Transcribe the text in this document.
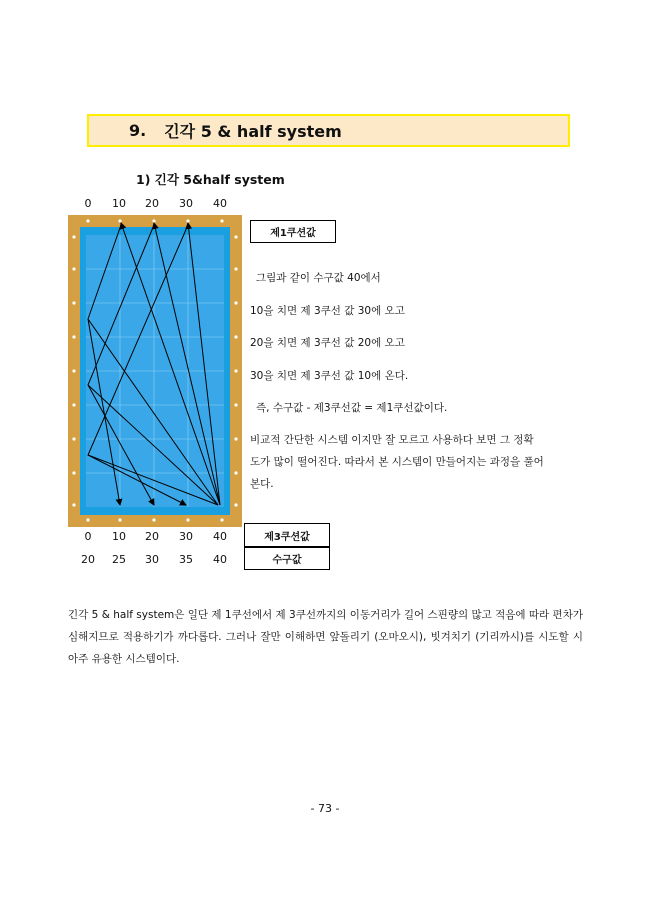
9. 긴각 5 & half system
1) 긴각 5&half system
0	10	20	30	40
제1쿠션값
그림과 같이 수구값 40에서
10을 치면 제 3쿠선 값 30에 오고
20을 치면 제 3쿠선 값 20에 오고
30을 치면 제 3쿠선 값 10에 온다.
즉, 수구값 - 제3쿠선값 = 제1쿠선값이다.
비교적 간단한 시스템 이지만 잘 모르고 사용하다 보면 그 정확
도가 많이 떨어진다. 따라서 본 시스템이 만들어지는 과정을 풀어
본다.
0	10	20	30	40	제3쿠션값
20	25	30	35	40	수구값
긴각 5 & half system은 일단 제 1쿠선에서 제 3쿠선까지의 이동거리가 길어 스핀량의 많고 적음에 따라 편차가 심해지므로 적용하기가 까다롭다. 그러나 잘만 이해하면 앞돌리기 (오마오시), 빗겨치기 (기리까시)를 시도할 시 아주 유용한 시스템이다.
- 73 -
